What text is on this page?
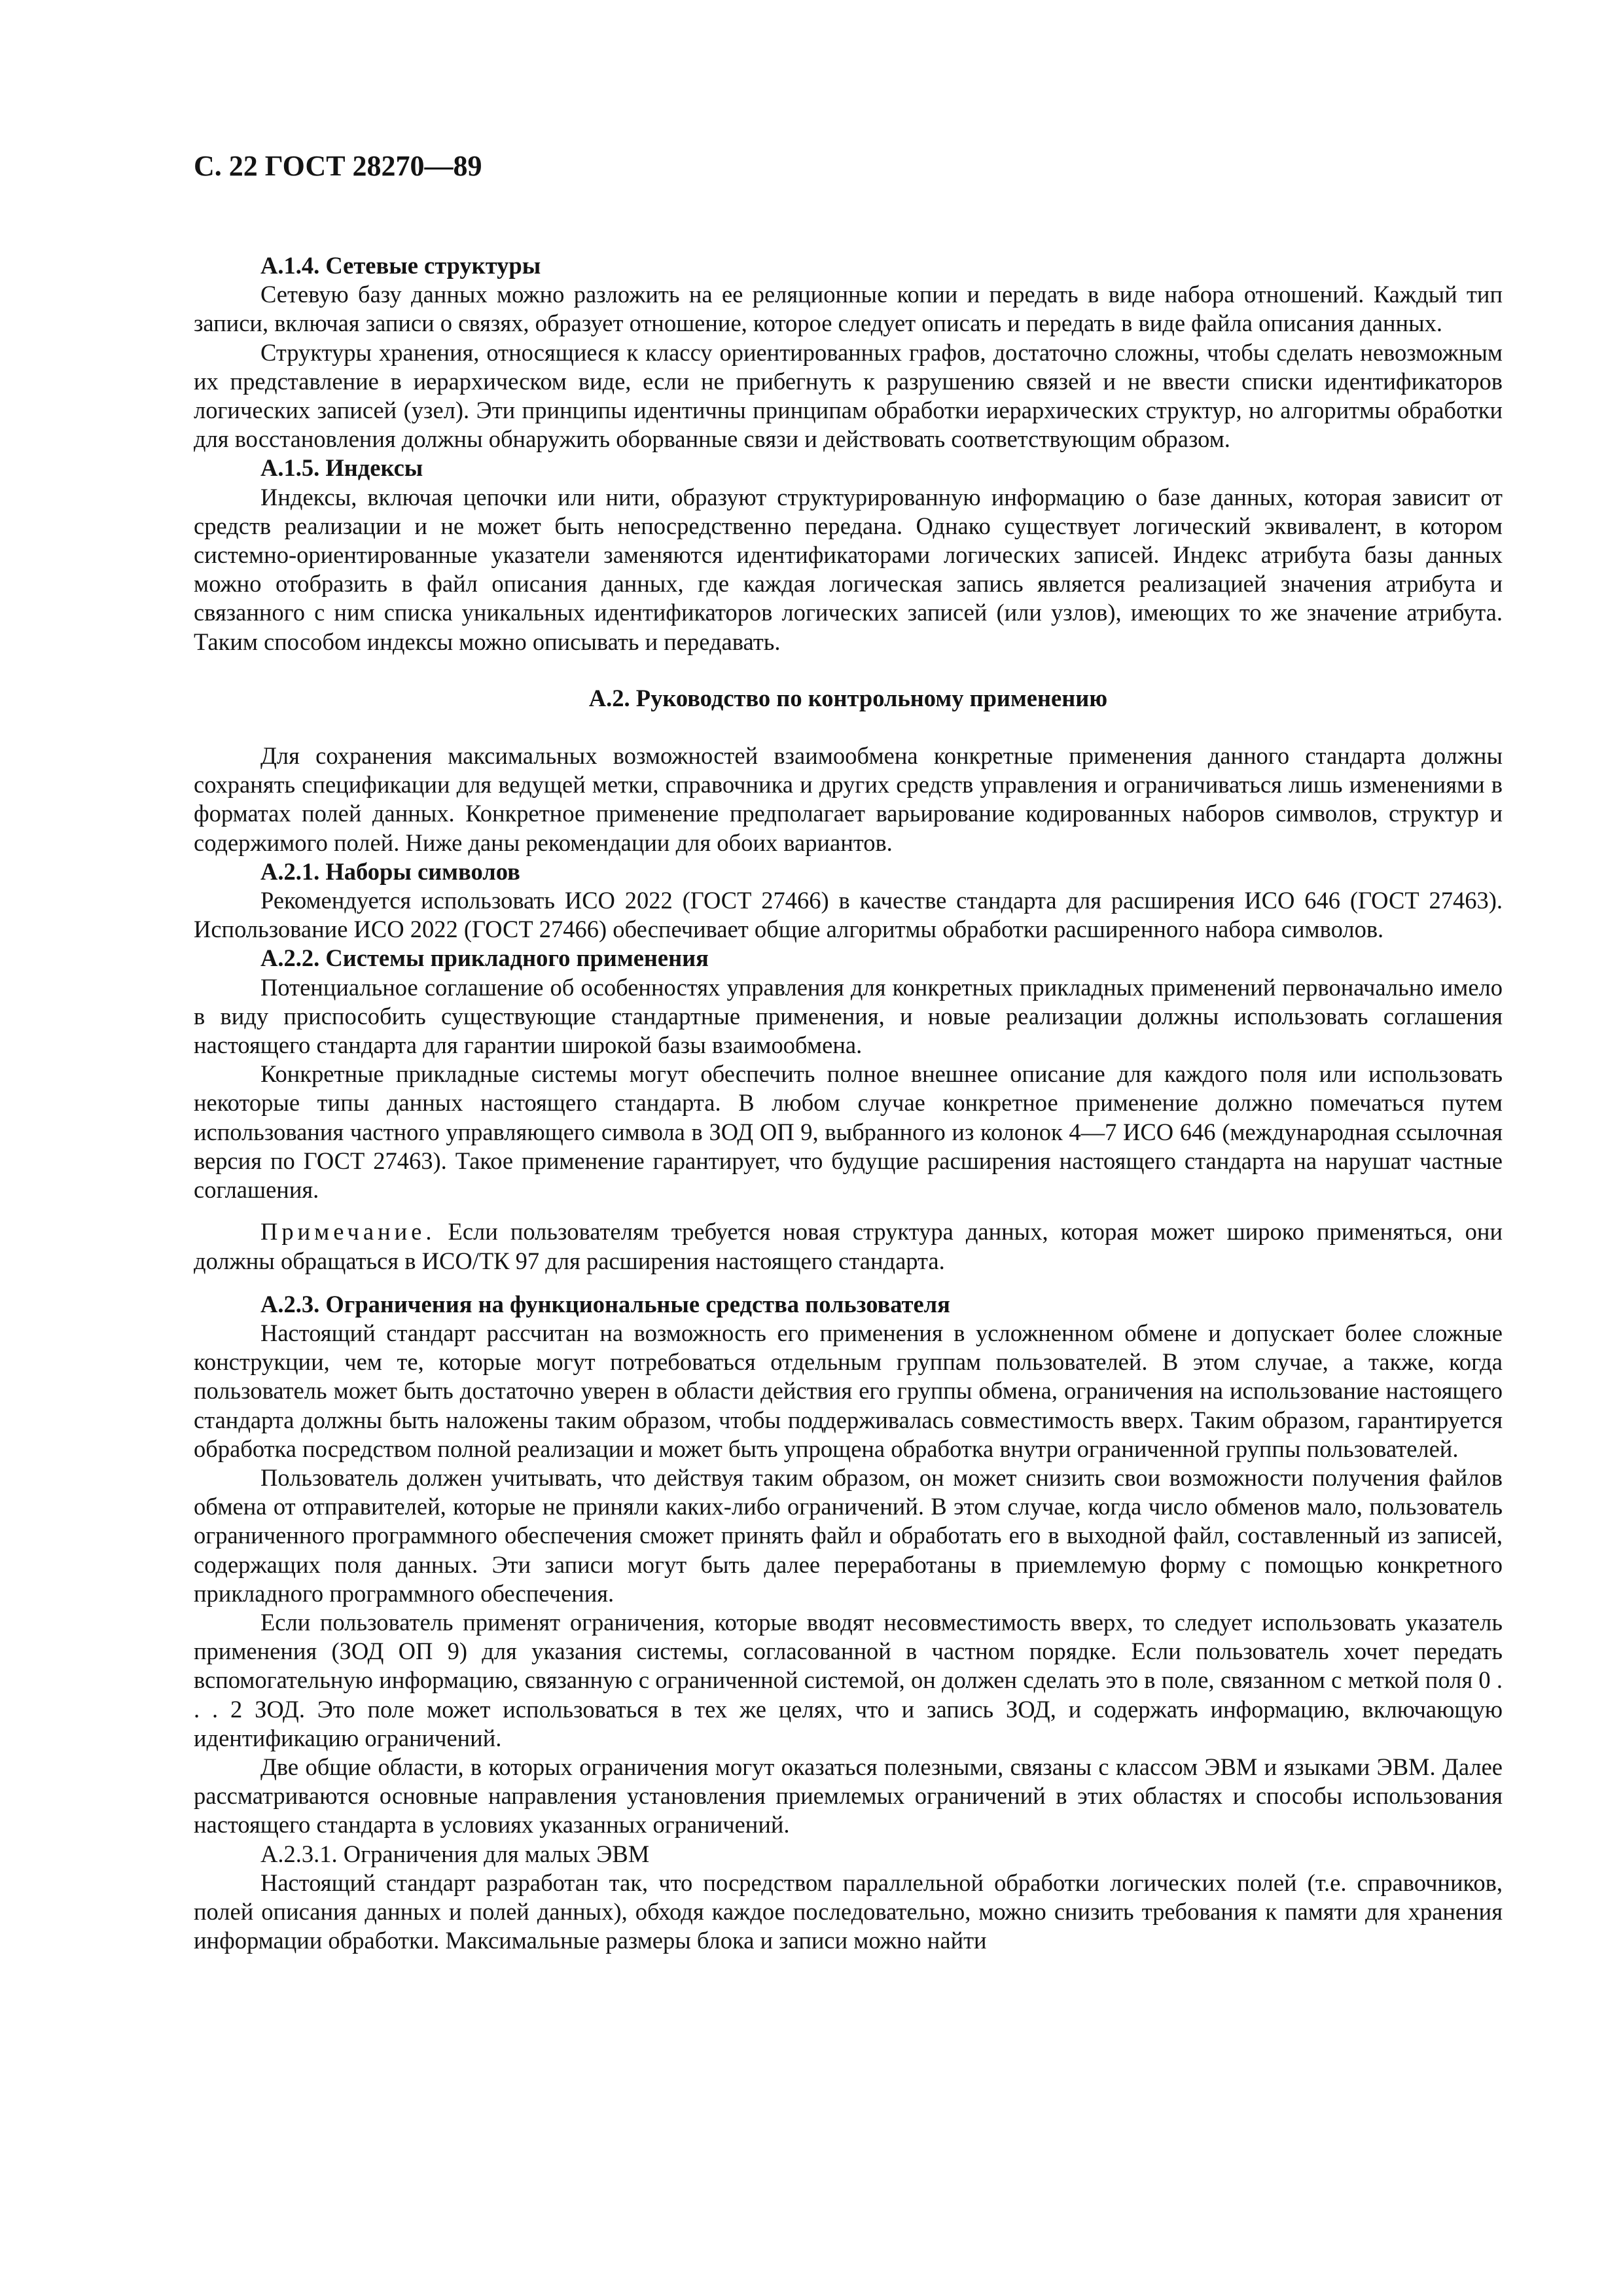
С. 22 ГОСТ 28270—89
А.1.4. Сетевые структуры

Сетевую базу данных можно разложить на ее реляционные копии и передать в виде набора отношений. Каждый тип записи, включая записи о связях, образует отношение, которое следует описать и передать в виде файла описания данных.

Структуры хранения, относящиеся к классу ориентированных графов, достаточно сложны, чтобы сделать невозможным их представление в иерархическом виде, если не прибегнуть к разрушению связей и не ввести списки идентификаторов логических записей (узел). Эти принципы идентичны принципам обработки иерархических структур, но алгоритмы обработки для восстановления должны обнаружить оборванные связи и действовать соответствующим образом.

А.1.5. Индексы

Индексы, включая цепочки или нити, образуют структурированную информацию о базе данных, которая зависит от средств реализации и не может быть непосредственно передана. Однако существует логический эквивалент, в котором системно-ориентированные указатели заменяются идентификаторами логических записей. Индекс атрибута базы данных можно отобразить в файл описания данных, где каждая логическая запись является реализацией значения атрибута и связанного с ним списка уникальных идентификаторов логических записей (или узлов), имеющих то же значение атрибута. Таким способом индексы можно описывать и передавать.

А.2. Руководство по контрольному применению

Для сохранения максимальных возможностей взаимообмена конкретные применения данного стандарта должны сохранять спецификации для ведущей метки, справочника и других средств управления и ограничиваться лишь изменениями в форматах полей данных. Конкретное применение предполагает варьирование кодированных наборов символов, структур и содержимого полей. Ниже даны рекомендации для обоих вариантов.

А.2.1. Наборы символов

Рекомендуется использовать ИСО 2022 (ГОСТ 27466) в качестве стандарта для расширения ИСО 646 (ГОСТ 27463). Использование ИСО 2022 (ГОСТ 27466) обеспечивает общие алгоритмы обработки расширенного набора символов.

А.2.2. Системы прикладного применения

Потенциальное соглашение об особенностях управления для конкретных прикладных применений первоначально имело в виду приспособить существующие стандартные применения, и новые реализации должны использовать соглашения настоящего стандарта для гарантии широкой базы взаимообмена.

Конкретные прикладные системы могут обеспечить полное внешнее описание для каждого поля или использовать некоторые типы данных настоящего стандарта. В любом случае конкретное применение должно помечаться путем использования частного управляющего символа в ЗОД ОП 9, выбранного из колонок 4—7 ИСО 646 (международная ссылочная версия по ГОСТ 27463). Такое применение гарантирует, что будущие расширения настоящего стандарта на нарушат частные соглашения.

Примечание. Если пользователям требуется новая структура данных, которая может широко применяться, они должны обращаться в ИСО/ТК 97 для расширения настоящего стандарта.
А.2.3. Ограничения на функциональные средства пользователя

Настоящий стандарт рассчитан на возможность его применения в усложненном обмене и допускает более сложные конструкции, чем те, которые могут потребоваться отдельным группам пользователей. В этом случае, а также, когда пользователь может быть достаточно уверен в области действия его группы обмена, ограничения на использование настоящего стандарта должны быть наложены таким образом, чтобы поддерживалась совместимость вверх. Таким образом, гарантируется обработка посредством полной реализации и может быть упрощена обработка внутри ограниченной группы пользователей.

Пользователь должен учитывать, что действуя таким образом, он может снизить свои возможности получения файлов обмена от отправителей, которые не приняли каких-либо ограничений. В этом случае, когда число обменов мало, пользователь ограниченного программного обеспечения сможет принять файл и обработать его в выходной файл, составленный из записей, содержащих поля данных. Эти записи могут быть далее переработаны в приемлемую форму с помощью конкретного прикладного программного обеспечения.

Если пользователь применят ограничения, которые вводят несовместимость вверх, то следует использовать указатель применения (ЗОД ОП 9) для указания системы, согласованной в частном порядке. Если пользователь хочет передать вспомогательную информацию, связанную с ограниченной системой, он должен сделать это в поле, связанном с меткой поля 0 . . . 2 ЗОД. Это поле может использоваться в тех же целях, что и запись ЗОД, и содержать информацию, включающую идентификацию ограничений.

Две общие области, в которых ограничения могут оказаться полезными, связаны с классом ЭВМ и языками ЭВМ. Далее рассматриваются основные направления установления приемлемых ограничений в этих областях и способы использования настоящего стандарта в условиях указанных ограничений.

А.2.3.1. Ограничения для малых ЭВМ

Настоящий стандарт разработан так, что посредством параллельной обработки логических полей (т.е. справочников, полей описания данных и полей данных), обходя каждое последовательно, можно снизить требования к памяти для хранения информации обработки. Максимальные размеры блока и записи можно найти
